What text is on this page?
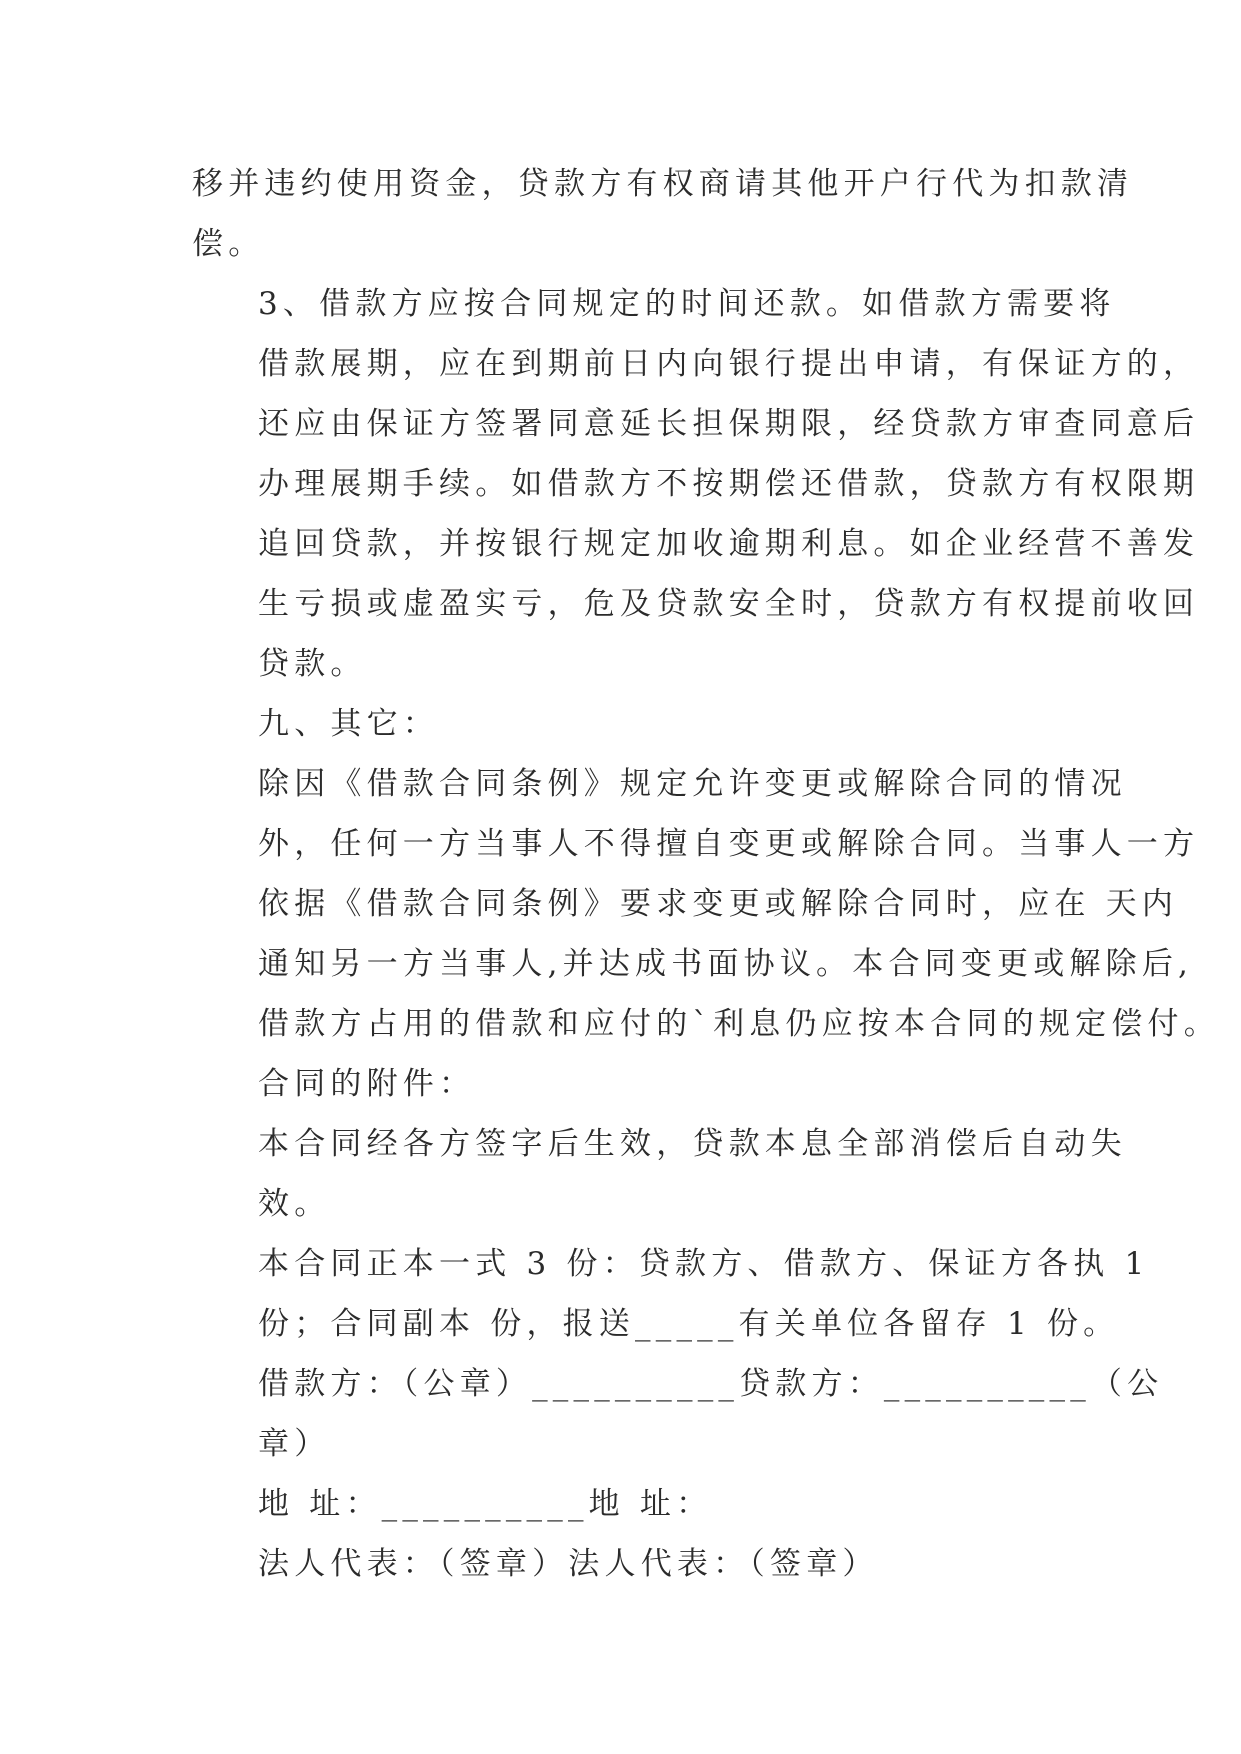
移并违约使用资金，贷款方有权商请其他开户行代为扣款清
偿。

3、借款方应按合同规定的时间还款。如借款方需要将
借款展期，应在到期前日内向银行提出申请，有保证方的，
还应由保证方签署同意延长担保期限，经贷款方审查同意后
办理展期手续。如借款方不按期偿还借款，贷款方有权限期
追回贷款，并按银行规定加收逾期利息。如企业经营不善发
生亏损或虚盈实亏，危及贷款安全时，贷款方有权提前收回
贷款。

九、其它：

除因《借款合同条例》规定允许变更或解除合同的情况
外，任何一方当事人不得擅自变更或解除合同。当事人一方
依据《借款合同条例》要求变更或解除合同时，应在 天内
通知另一方当事人,并达成书面协议。本合同变更或解除后,
借款方占用的借款和应付的`利息仍应按本合同的规定偿付。

合同的附件：

本合同经各方签字后生效，贷款本息全部消偿后自动失
效。

本合同正本一式 3 份：贷款方、借款方、保证方各执 1
份；合同副本 份，报送_____有关单位各留存 1 份。

借款方：（公章）__________贷款方：__________（公
章）

地 址：__________地 址：

法人代表：（签章）法人代表：（签章）
